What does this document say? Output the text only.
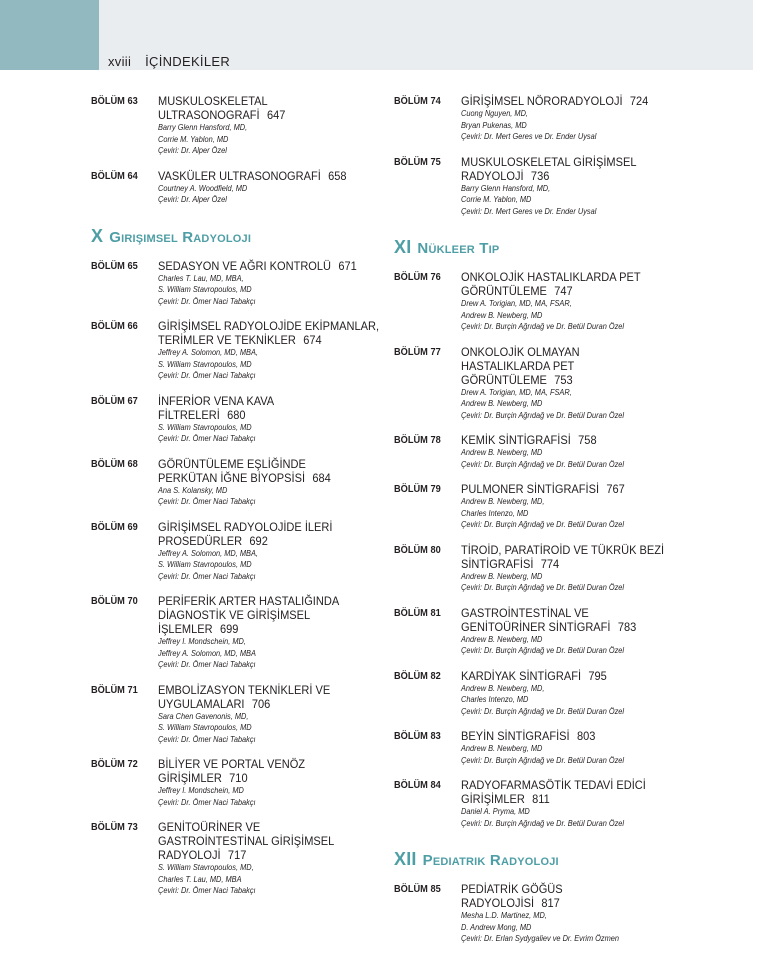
xviii İÇİNDEKİLER
BÖLÜM 63 MUSKULOSKELETAL
ULTRASONOGRAFİ 647
Barry Glenn Hansford, MD,
Corrie M. Yablon, MD
Çeviri: Dr. Alper Özel
BÖLÜM 64 VASKÜLER ULTRASONOGRAFİ 658
Courtney A. Woodfield, MD
Çeviri: Dr. Alper Özel
X Girişimsel Radyoloji
BÖLÜM 65 SEDASYON VE AĞRI KONTROLÜ 671
Charles T. Lau, MD, MBA,
S. William Stavropoulos, MD
Çeviri: Dr. Ömer Naci Tabakçı
BÖLÜM 66 GİRİŞİMSEL RADYOLOJİDE EKİPMANLAR,
TERİMLER VE TEKNİKLER 674
Jeffrey A. Solomon, MD, MBA,
S. William Stavropoulos, MD
Çeviri: Dr. Ömer Naci Tabakçı
BÖLÜM 67 İNFERİOR VENA KAVA
FİLTRELERİ 680
S. William Stavropoulos, MD
Çeviri: Dr. Ömer Naci Tabakçı
BÖLÜM 68 GÖRÜNTÜLEME EŞLİĞİNDE
PERKÜTAN İĞNE BİYOPSİSİ 684
Ana S. Kolansky, MD
Çeviri: Dr. Ömer Naci Tabakçı
BÖLÜM 69 GİRİŞİMSEL RADYOLOJİDE İLERİ
PROSEDÜRLER 692
Jeffrey A. Solomon, MD, MBA,
S. William Stavropoulos, MD
Çeviri: Dr. Ömer Naci Tabakçı
BÖLÜM 70 PERİFERİK ARTER HASTALIĞINDA
DİAGNOSTİK VE GİRİŞİMSEL
İŞLEMLER 699
Jeffrey I. Mondschein, MD,
Jeffrey A. Solomon, MD, MBA
Çeviri: Dr. Ömer Naci Tabakçı
BÖLÜM 71 EMBOLİZASYON TEKNİKLERİ VE
UYGULAMALARI 706
Sara Chen Gavenonis, MD,
S. William Stavropoulos, MD
Çeviri: Dr. Ömer Naci Tabakçı
BÖLÜM 72 BİLİYER VE PORTAL VENÖZ
GİRİŞİMLER 710
Jeffrey I. Mondschein, MD
Çeviri: Dr. Ömer Naci Tabakçı
BÖLÜM 73 GENİTOÜRİNER VE
GASTROİNTESTİNAL GİRİŞİMSEL
RADYOLOJİ 717
S. William Stavropoulos, MD,
Charles T. Lau, MD, MBA
Çeviri: Dr. Ömer Naci Tabakçı
BÖLÜM 74 GİRİŞİMSEL NÖRORADYOLOJİ 724
Cuong Nguyen, MD,
Bryan Pukenas, MD
Çeviri: Dr. Mert Geres ve Dr. Ender Uysal
BÖLÜM 75 MUSKULOSKELETAL GİRİŞİMSEL
RADYOLOJİ 736
Barry Glenn Hansford, MD,
Corrie M. Yablon, MD
Çeviri: Dr. Mert Geres ve Dr. Ender Uysal
XI Nükleer Tip
BÖLÜM 76 ONKOLOJİK HASTALIKLARDA PET
GÖRÜNTÜLEME 747
Drew A. Torigian, MD, MA, FSAR,
Andrew B. Newberg, MD
Çeviri: Dr. Burçin Ağrıdağ ve Dr. Betül Duran Özel
BÖLÜM 77 ONKOLOJİK OLMAYAN
HASTALIKLARDA PET
GÖRÜNTÜLEME 753
Drew A. Torigian, MD, MA, FSAR,
Andrew B. Newberg, MD
Çeviri: Dr. Burçin Ağrıdağ ve Dr. Betül Duran Özel
BÖLÜM 78 KEMİK SİNTİGRAFİSİ 758
Andrew B. Newberg, MD
Çeviri: Dr. Burçin Ağrıdağ ve Dr. Betül Duran Özel
BÖLÜM 79 PULMONER SİNTİGRAFİSİ 767
Andrew B. Newberg, MD,
Charles Intenzo, MD
Çeviri: Dr. Burçin Ağrıdağ ve Dr. Betül Duran Özel
BÖLÜM 80 TİROİD, PARATİROİD VE TÜKRÜK BEZİ
SİNTİGRAFİSİ 774
Andrew B. Newberg, MD
Çeviri: Dr. Burçin Ağrıdağ ve Dr. Betül Duran Özel
BÖLÜM 81 GASTROİNTESTİNAL VE
GENİTOÜRİNER SİNTİGRAFİ 783
Andrew B. Newberg, MD
Çeviri: Dr. Burçin Ağrıdağ ve Dr. Betül Duran Özel
BÖLÜM 82 KARDİYAK SİNTİGRAFİ 795
Andrew B. Newberg, MD,
Charles Intenzo, MD
Çeviri: Dr. Burçin Ağrıdağ ve Dr. Betül Duran Özel
BÖLÜM 83 BEYİN SİNTİGRAFİSİ 803
Andrew B. Newberg, MD
Çeviri: Dr. Burçin Ağrıdağ ve Dr. Betül Duran Özel
BÖLÜM 84 RADYOFARMASÖTİK TEDAVİ EDİCİ
GİRİŞİMLER 811
Daniel A. Pryma, MD
Çeviri: Dr. Burçin Ağrıdağ ve Dr. Betül Duran Özel
XII Pediatrik Radyoloji
BÖLÜM 85 PEDİATRİK GÖĞÜS
RADYOLOJİSİ 817
Mesha L.D. Martinez, MD,
D. Andrew Mong, MD
Çeviri: Dr. Erlan Sydygaliev ve Dr. Evrim Özmen
